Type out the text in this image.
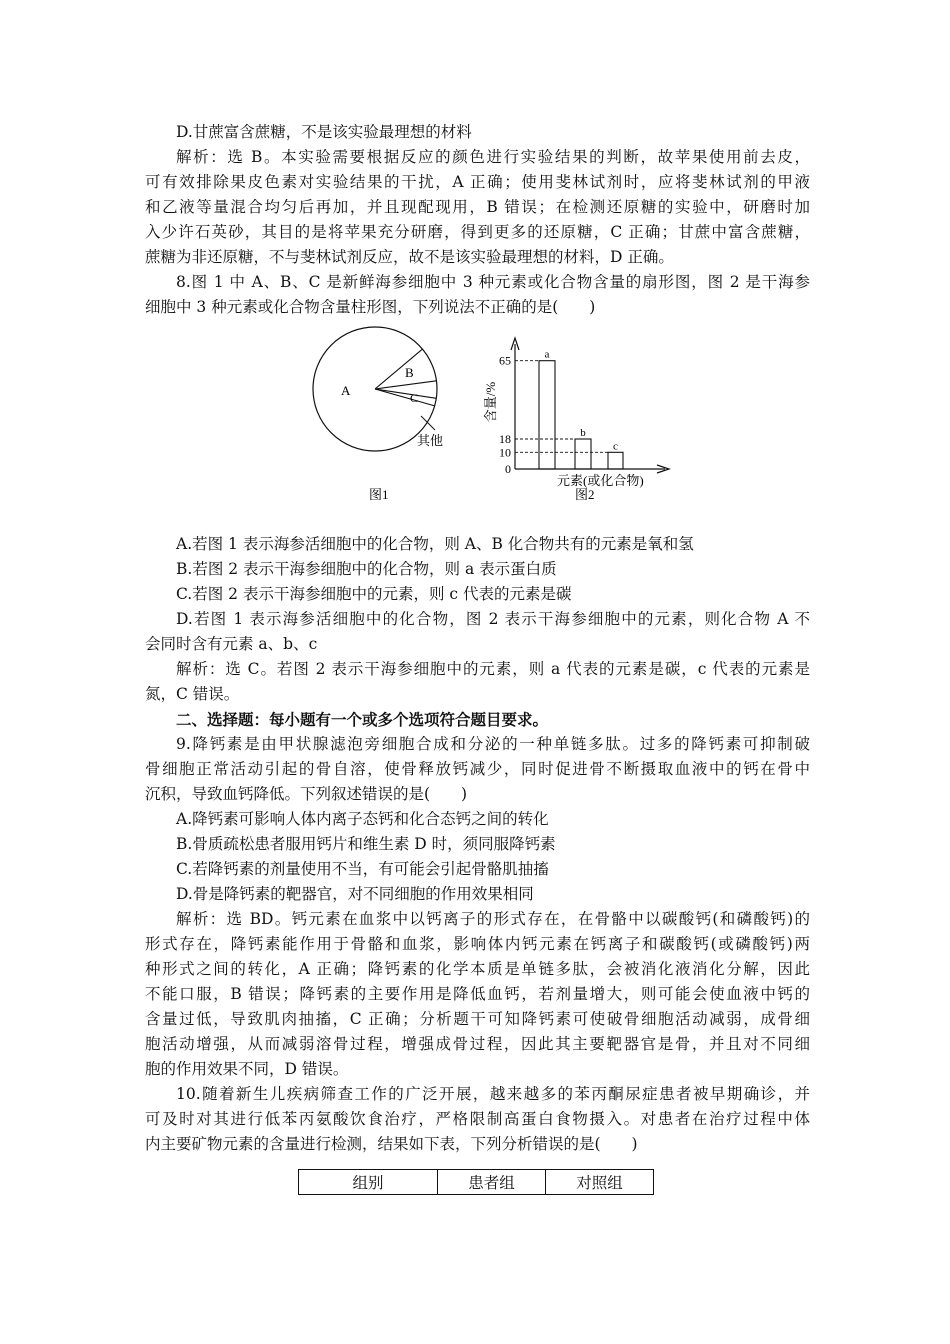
D.甘蔗富含蔗糖，不是该实验最理想的材料

解析：选 B。本实验需要根据反应的颜色进行实验结果的判断，故苹果使用前去皮，

可有效排除果皮色素对实验结果的干扰，A 正确；使用斐林试剂时，应将斐林试剂的甲液

和乙液等量混合均匀后再加，并且现配现用，B 错误；在检测还原糖的实验中，研磨时加

入少许石英砂，其目的是将苹果充分研磨，得到更多的还原糖，C 正确；甘蔗中富含蔗糖，

蔗糖为非还原糖，不与斐林试剂反应，故不是该实验最理想的材料，D 正确。

8.图 1 中 A、B、C 是新鲜海参细胞中 3 种元素或化合物含量的扇形图，图 2 是干海参

细胞中 3 种元素或化合物含量柱形图，下列说法不正确的是(　　)

A
B
C
其他
图1
含量/%
元素(或化合物)
0
10
18
65	a
b
c
图2

A.若图 1 表示海参活细胞中的化合物，则 A、B 化合物共有的元素是氧和氢

B.若图 2 表示干海参细胞中的化合物，则 a 表示蛋白质

C.若图 2 表示干海参细胞中的元素，则 c 代表的元素是碳

D.若图 1 表示海参活细胞中的化合物，图 2 表示干海参细胞中的元素，则化合物 A 不

会同时含有元素 a、b、c

解析：选 C。若图 2 表示干海参细胞中的元素，则 a 代表的元素是碳，c 代表的元素是

氮，C 错误。

二、选择题：每小题有一个或多个选项符合题目要求。

9.降钙素是由甲状腺滤泡旁细胞合成和分泌的一种单链多肽。过多的降钙素可抑制破

骨细胞正常活动引起的骨自溶，使骨释放钙减少，同时促进骨不断摄取血液中的钙在骨中

沉积，导致血钙降低。下列叙述错误的是(　　)

A.降钙素可影响人体内离子态钙和化合态钙之间的转化

B.骨质疏松患者服用钙片和维生素 D 时，须同服降钙素

C.若降钙素的剂量使用不当，有可能会引起骨骼肌抽搐

D.骨是降钙素的靶器官，对不同细胞的作用效果相同

解析：选 BD。钙元素在血浆中以钙离子的形式存在，在骨骼中以碳酸钙(和磷酸钙)的

形式存在，降钙素能作用于骨骼和血浆，影响体内钙元素在钙离子和碳酸钙(或磷酸钙)两

种形式之间的转化，A 正确；降钙素的化学本质是单链多肽，会被消化液消化分解，因此

不能口服，B 错误；降钙素的主要作用是降低血钙，若剂量增大，则可能会使血液中钙的

含量过低，导致肌肉抽搐，C 正确；分析题干可知降钙素可使破骨细胞活动减弱，成骨细

胞活动增强，从而减弱溶骨过程，增强成骨过程，因此其主要靶器官是骨，并且对不同细

胞的作用效果不同，D 错误。

10.随着新生儿疾病筛查工作的广泛开展，越来越多的苯丙酮尿症患者被早期确诊，并

可及时对其进行低苯丙氨酸饮食治疗，严格限制高蛋白食物摄入。对患者在治疗过程中体

内主要矿物元素的含量进行检测，结果如下表，下列分析错误的是(　　)

组别	患者组	对照组
